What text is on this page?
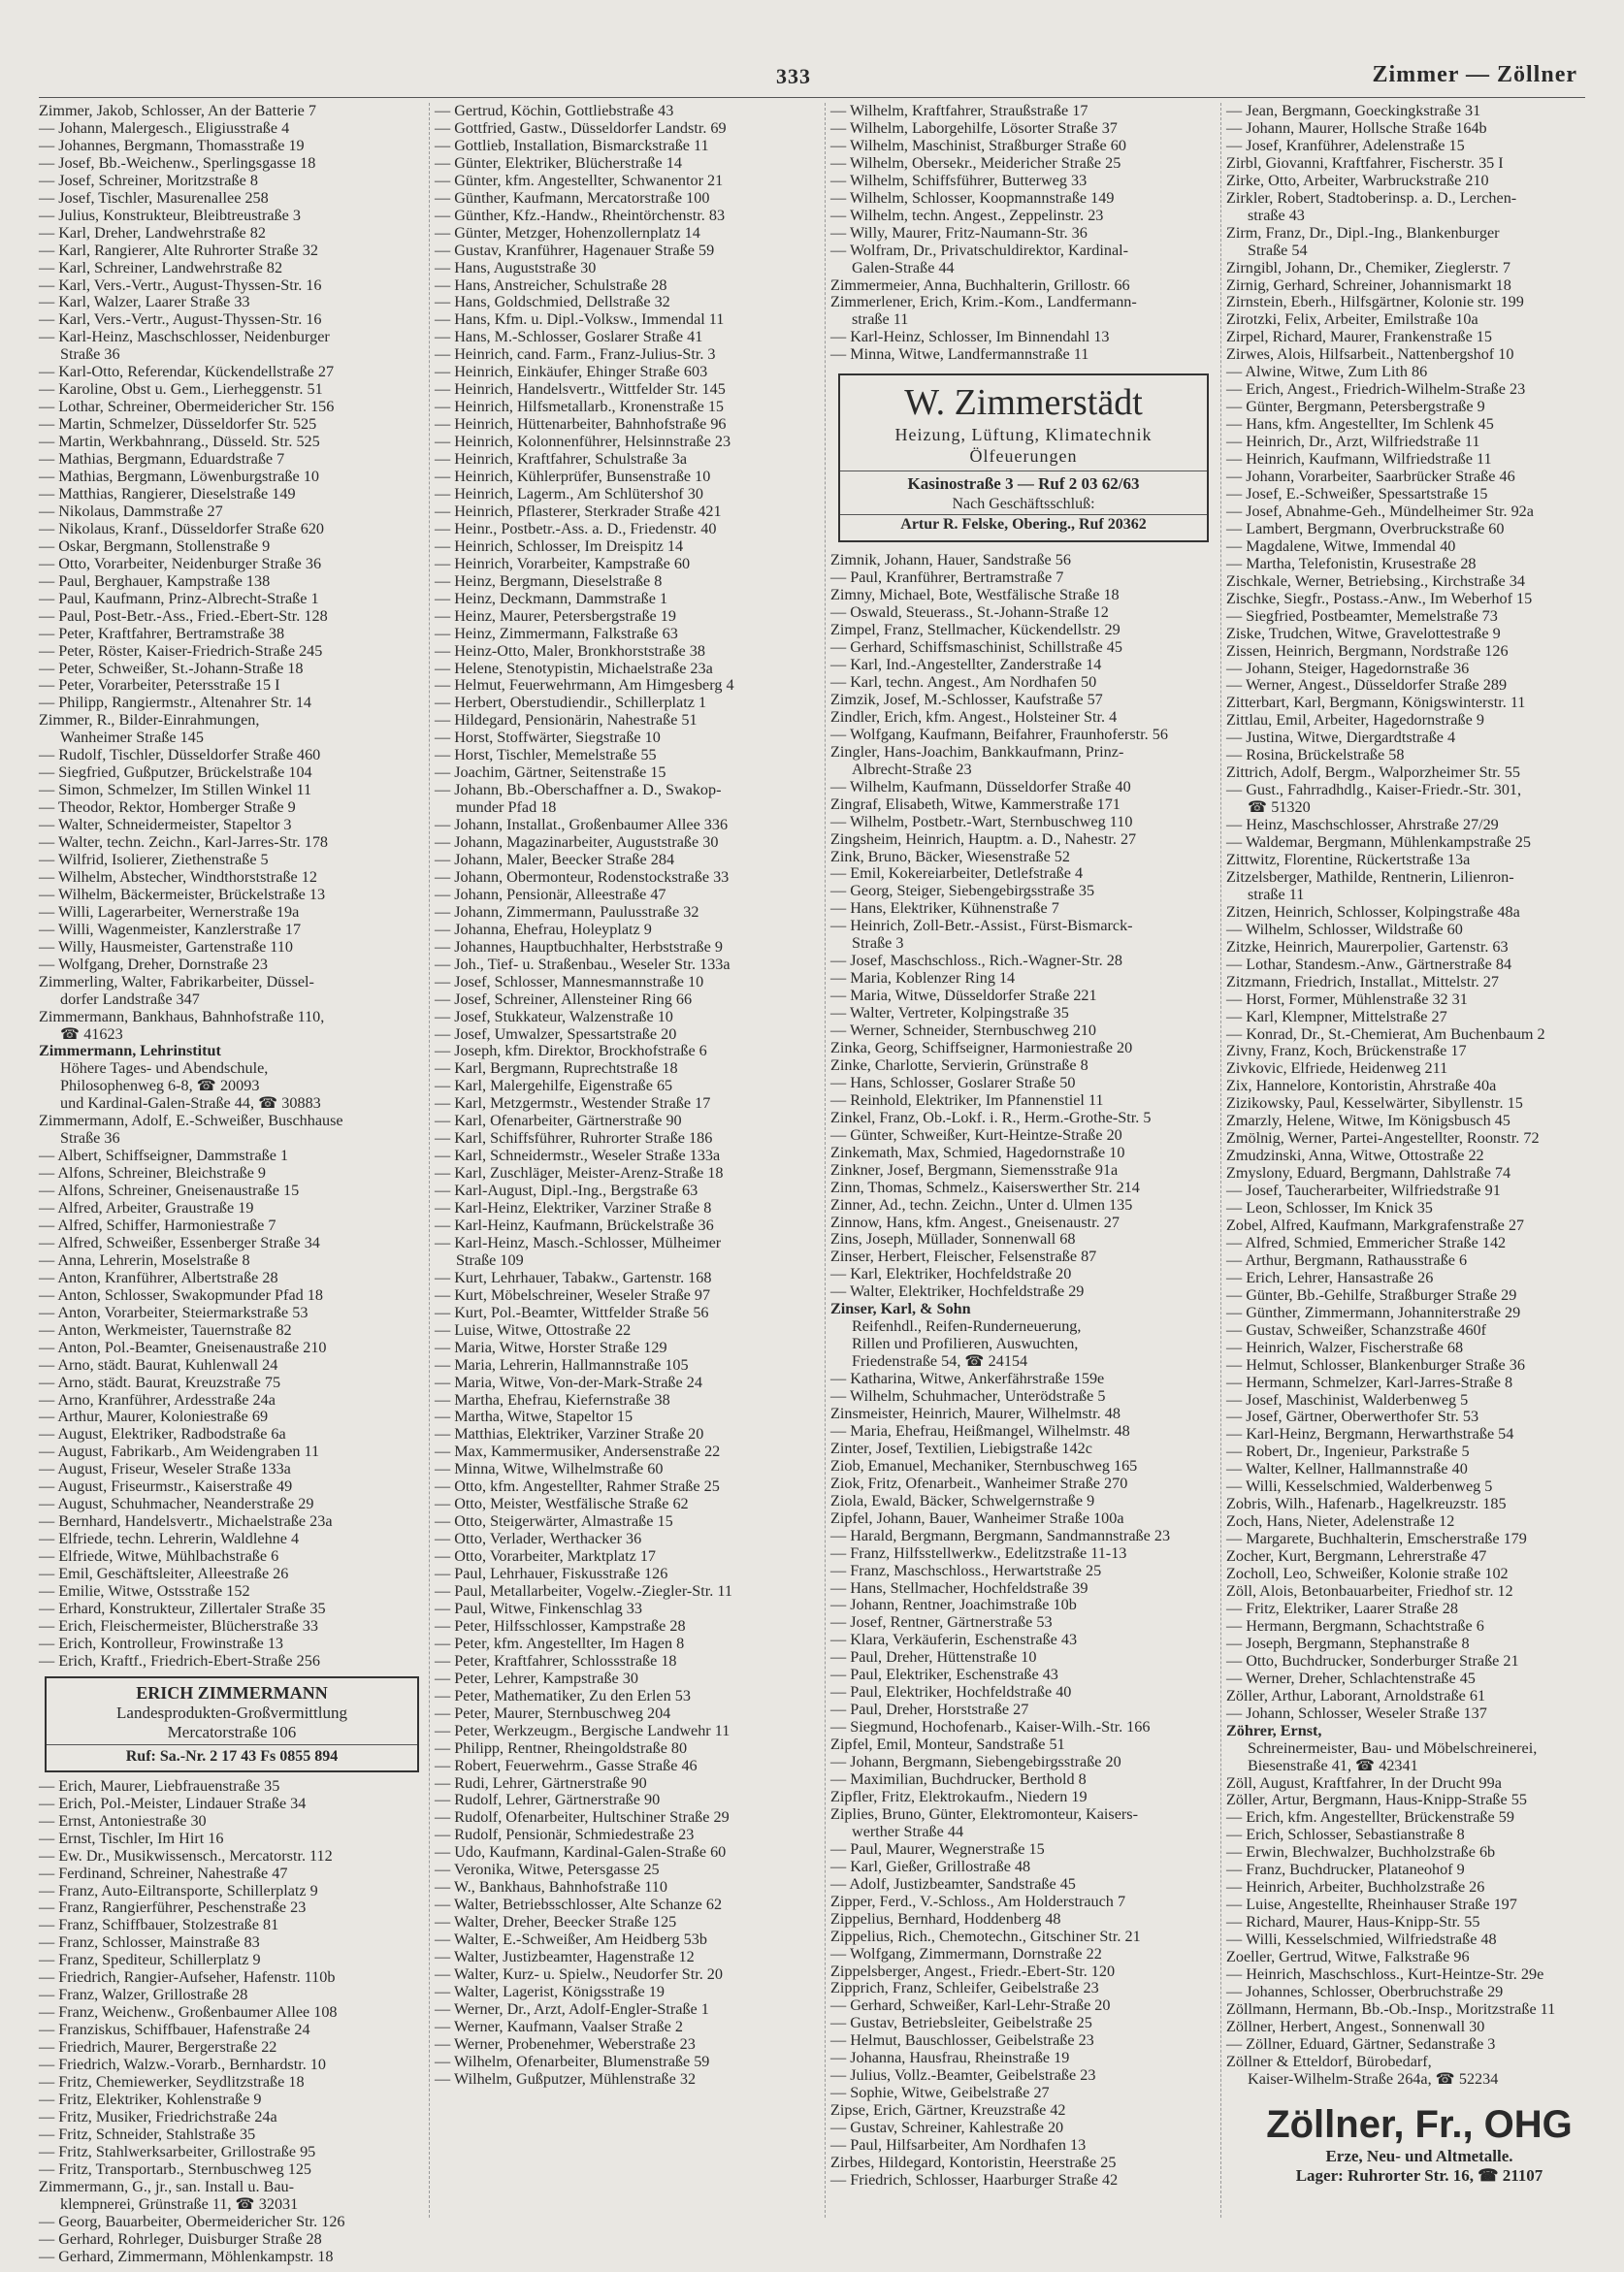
333	Zimmer — Zöllner
Zimmer, Jakob, Schlosser, An der Batterie 7
— Johann, Malergesch., Eligiusstraße 4
— Johannes, Bergmann, Thomasstraße 19
— Josef, Bb.-Weichenw., Sperlingsgasse 18
— Josef, Schreiner, Moritzstraße 8
— Josef, Tischler, Masurenallee 258
— Julius, Konstrukteur, Bleibtreustraße 3
— Karl, Dreher, Landwehrstraße 82
— Karl, Rangierer, Alte Ruhrorter Straße 32
— Karl, Schreiner, Landwehrstraße 82
— Karl, Vers.-Vertr., August-Thyssen-Str. 16
— Karl, Walzer, Laarer Straße 33
— Karl, Vers.-Vertr., August-Thyssen-Str. 16
— Karl-Heinz, Maschschlosser, Neidenburger
Straße 36
— Karl-Otto, Referendar, Kückendellstraße 27
— Karoline, Obst u. Gem., Lierheggenstr. 51
— Lothar, Schreiner, Obermeidericher Str. 156
— Martin, Schmelzer, Düsseldorfer Str. 525
— Martin, Werkbahnrang., Düsseld. Str. 525
— Mathias, Bergmann, Eduardstraße 7
— Mathias, Bergmann, Löwenburgstraße 10
— Matthias, Rangierer, Dieselstraße 149
— Nikolaus, Dammstraße 27
— Nikolaus, Kranf., Düsseldorfer Straße 620
— Oskar, Bergmann, Stollenstraße 9
— Otto, Vorarbeiter, Neidenburger Straße 36
— Paul, Berghauer, Kampstraße 138
— Paul, Kaufmann, Prinz-Albrecht-Straße 1
— Paul, Post-Betr.-Ass., Fried.-Ebert-Str. 128
— Peter, Kraftfahrer, Bertramstraße 38
— Peter, Röster, Kaiser-Friedrich-Straße 245
— Peter, Schweißer, St.-Johann-Straße 18
— Peter, Vorarbeiter, Petersstraße 15 I
— Philipp, Rangiermstr., Altenahrer Str. 14
Zimmer, R., Bilder-Einrahmungen,
Wanheimer Straße 145
— Rudolf, Tischler, Düsseldorfer Straße 460
— Siegfried, Gußputzer, Brückelstraße 104
— Simon, Schmelzer, Im Stillen Winkel 11
— Theodor, Rektor, Homberger Straße 9
— Walter, Schneidermeister, Stapeltor 3
— Walter, techn. Zeichn., Karl-Jarres-Str. 178
— Wilfrid, Isolierer, Ziethenstraße 5
— Wilhelm, Abstecher, Windthorststraße 12
— Wilhelm, Bäckermeister, Brückelstraße 13
— Willi, Lagerarbeiter, Wernerstraße 19a
— Willi, Wagenmeister, Kanzlerstraße 17
— Willy, Hausmeister, Gartenstraße 110
— Wolfgang, Dreher, Dornstraße 23
Zimmerling, Walter, Fabrikarbeiter, Düssel-
dorfer Landstraße 347
Zimmermann, Bankhaus, Bahnhofstraße 110,
☎ 41623
Zimmermann, Lehrinstitut
Höhere Tages- und Abendschule,
Philosophenweg 6-8, ☎ 20093
und Kardinal-Galen-Straße 44, ☎ 30883
Zimmermann, Adolf, E.-Schweißer, Buschhause
Straße 36
— Albert, Schiffseigner, Dammstraße 1
— Alfons, Schreiner, Bleichstraße 9
— Alfons, Schreiner, Gneisenaustraße 15
— Alfred, Arbeiter, Graustraße 19
— Alfred, Schiffer, Harmoniestraße 7
— Alfred, Schweißer, Essenberger Straße 34
— Anna, Lehrerin, Moselstraße 8
— Anton, Kranführer, Albertstraße 28
— Anton, Schlosser, Swakopmunder Pfad 18
— Anton, Vorarbeiter, Steiermarkstraße 53
— Anton, Werkmeister, Tauernstraße 82
— Anton, Pol.-Beamter, Gneisenaustraße 210
— Arno, städt. Baurat, Kuhlenwall 24
— Arno, städt. Baurat, Kreuzstraße 75
— Arno, Kranführer, Ardesstraße 24a
— Arthur, Maurer, Koloniestraße 69
— August, Elektriker, Radbodstraße 6a
— August, Fabrikarb., Am Weidengraben 11
— August, Friseur, Weseler Straße 133a
— August, Friseurmstr., Kaiserstraße 49
— August, Schuhmacher, Neanderstraße 29
— Bernhard, Handelsvertr., Michaelstraße 23a
— Elfriede, techn. Lehrerin, Waldlehne 4
— Elfriede, Witwe, Mühlbachstraße 6
— Emil, Geschäftsleiter, Alleestraße 26
— Emilie, Witwe, Ostsstraße 152
— Erhard, Konstrukteur, Zillertaler Straße 35
— Erich, Fleischermeister, Blücherstraße 33
— Erich, Kontrolleur, Frowinstraße 13
— Erich, Kraftf., Friedrich-Ebert-Straße 256
ERICH ZIMMERMANN
Landesprodukten-Großvermittlung
Mercatorstraße 106
Ruf: Sa.-Nr. 2 17 43 Fs 0855 894
— Erich, Maurer, Liebfrauenstraße 35
— Erich, Pol.-Meister, Lindauer Straße 34
— Ernst, Antoniestraße 30
— Ernst, Tischler, Im Hirt 16
— Ew. Dr., Musikwissensch., Mercatorstr. 112
— Ferdinand, Schreiner, Nahestraße 47
— Franz, Auto-Eiltransporte, Schillerplatz 9
— Franz, Rangierführer, Peschenstraße 23
— Franz, Schiffbauer, Stolzestraße 81
— Franz, Schlosser, Mainstraße 83
— Franz, Spediteur, Schillerplatz 9
— Friedrich, Rangier-Aufseher, Hafenstr. 110b
— Franz, Walzer, Grillostraße 28
— Franz, Weichenw., Großenbaumer Allee 108
— Franziskus, Schiffbauer, Hafenstraße 24
— Friedrich, Maurer, Bergerstraße 22
— Friedrich, Walzw.-Vorarb., Bernhardstr. 10
— Fritz, Chemiewerker, Seydlitzstraße 18
— Fritz, Elektriker, Kohlenstraße 9
— Fritz, Musiker, Friedrichstraße 24a
— Fritz, Schneider, Stahlstraße 35
— Fritz, Stahlwerksarbeiter, Grillostraße 95
— Fritz, Transportarb., Sternbuschweg 125
Zimmermann, G., jr., san. Install u. Bau-
klempnerei, Grünstraße 11, ☎ 32031
— Georg, Bauarbeiter, Obermeidericher Str. 126
— Gerhard, Rohrleger, Duisburger Straße 28
— Gerhard, Zimmermann, Möhlenkampstr. 18
— Gertrud, Köchin, Gottliebstraße 43
— Gottfried, Gastw., Düsseldorfer Landstr. 69
— Gottlieb, Installation, Bismarckstraße 11
— Günter, Elektriker, Blücherstraße 14
— Günter, kfm. Angestellter, Schwanentor 21
— Günther, Kaufmann, Mercatorstraße 100
— Günther, Kfz.-Handw., Rheintörchenstr. 83
— Günter, Metzger, Hohenzollernplatz 14
— Gustav, Kranführer, Hagenauer Straße 59
— Hans, Auguststraße 30
— Hans, Anstreicher, Schulstraße 28
— Hans, Goldschmied, Dellstraße 32
— Hans, Kfm. u. Dipl.-Volksw., Immendal 11
— Hans, M.-Schlosser, Goslarer Straße 41
— Heinrich, cand. Farm., Franz-Julius-Str. 3
— Heinrich, Einkäufer, Ehinger Straße 603
— Heinrich, Handelsvertr., Wittfelder Str. 145
— Heinrich, Hilfsmetallarb., Kronenstraße 15
— Heinrich, Hüttenarbeiter, Bahnhofstraße 96
— Heinrich, Kolonnenführer, Helsinnstraße 23
— Heinrich, Kraftfahrer, Schulstraße 3a
— Heinrich, Kühlerprüfer, Bunsenstraße 10
— Heinrich, Lagerm., Am Schlütershof 30
— Heinrich, Pflasterer, Sterkrader Straße 421
— Heinr., Postbetr.-Ass. a. D., Friedenstr. 40
— Heinrich, Schlosser, Im Dreispitz 14
— Heinrich, Vorarbeiter, Kampstraße 60
— Heinz, Bergmann, Dieselstraße 8
— Heinz, Deckmann, Dammstraße 1
— Heinz, Maurer, Petersbergstraße 19
— Heinz, Zimmermann, Falkstraße 63
— Heinz-Otto, Maler, Bronkhorststraße 38
— Helene, Stenotypistin, Michaelstraße 23a
— Helmut, Feuerwehrmann, Am Himgesberg 4
— Herbert, Oberstudiendir., Schillerplatz 1
— Hildegard, Pensionärin, Nahestraße 51
— Horst, Stoffwärter, Siegstraße 10
— Horst, Tischler, Memelstraße 55
— Joachim, Gärtner, Seitenstraße 15
— Johann, Bb.-Oberschaffner a. D., Swakop-
munder Pfad 18
— Johann, Installat., Großenbaumer Allee 336
— Johann, Magazinarbeiter, Auguststraße 30
— Johann, Maler, Beecker Straße 284
— Johann, Obermonteur, Rodenstockstraße 33
— Johann, Pensionär, Alleestraße 47
— Johann, Zimmermann, Paulusstraße 32
— Johanna, Ehefrau, Holeyplatz 9
— Johannes, Hauptbuchhalter, Herbststraße 9
— Joh., Tief- u. Straßenbau., Weseler Str. 133a
— Josef, Schlosser, Mannesmannstraße 10
— Josef, Schreiner, Allensteiner Ring 66
— Josef, Stukkateur, Walzenstraße 10
— Josef, Umwalzer, Spessartstraße 20
— Joseph, kfm. Direktor, Brockhofstraße 6
— Karl, Bergmann, Ruprechtstraße 18
— Karl, Malergehilfe, Eigenstraße 65
— Karl, Metzgermstr., Westender Straße 17
— Karl, Ofenarbeiter, Gärtnerstraße 90
— Karl, Schiffsführer, Ruhrorter Straße 186
— Karl, Schneidermstr., Weseler Straße 133a
— Karl, Zuschläger, Meister-Arenz-Straße 18
— Karl-August, Dipl.-Ing., Bergstraße 63
— Karl-Heinz, Elektriker, Varziner Straße 8
— Karl-Heinz, Kaufmann, Brückelstraße 36
— Karl-Heinz, Masch.-Schlosser, Mülheimer
Straße 109
— Kurt, Lehrhauer, Tabakw., Gartenstr. 168
— Kurt, Möbelschreiner, Weseler Straße 97
— Kurt, Pol.-Beamter, Wittfelder Straße 56
— Luise, Witwe, Ottostraße 22
— Maria, Witwe, Horster Straße 129
— Maria, Lehrerin, Hallmannstraße 105
— Maria, Witwe, Von-der-Mark-Straße 24
— Martha, Ehefrau, Kiefernstraße 38
— Martha, Witwe, Stapeltor 15
— Matthias, Elektriker, Varziner Straße 20
— Max, Kammermusiker, Andersenstraße 22
— Minna, Witwe, Wilhelmstraße 60
— Otto, kfm. Angestellter, Rahmer Straße 25
— Otto, Meister, Westfälische Straße 62
— Otto, Steigerwärter, Almastraße 15
— Otto, Verlader, Werthacker 36
— Otto, Vorarbeiter, Marktplatz 17
— Paul, Lehrhauer, Fiskusstraße 126
— Paul, Metallarbeiter, Vogelw.-Ziegler-Str. 11
— Paul, Witwe, Finkenschlag 33
— Peter, Hilfsschlosser, Kampstraße 28
— Peter, kfm. Angestellter, Im Hagen 8
— Peter, Kraftfahrer, Schlossstraße 18
— Peter, Lehrer, Kampstraße 30
— Peter, Mathematiker, Zu den Erlen 53
— Peter, Maurer, Sternbuschweg 204
— Peter, Werkzeugm., Bergische Landwehr 11
— Philipp, Rentner, Rheingoldstraße 80
— Robert, Feuerwehrm., Gasse Straße 46
— Rudi, Lehrer, Gärtnerstraße 90
— Rudolf, Lehrer, Gärtnerstraße 90
— Rudolf, Ofenarbeiter, Hultschiner Straße 29
— Rudolf, Pensionär, Schmiedestraße 23
— Udo, Kaufmann, Kardinal-Galen-Straße 60
— Veronika, Witwe, Petersgasse 25
— W., Bankhaus, Bahnhofstraße 110
— Walter, Betriebsschlosser, Alte Schanze 62
— Walter, Dreher, Beecker Straße 125
— Walter, E.-Schweißer, Am Heidberg 53b
— Walter, Justizbeamter, Hagenstraße 12
— Walter, Kurz- u. Spielw., Neudorfer Str. 20
— Walter, Lagerist, Königsstraße 19
— Werner, Dr., Arzt, Adolf-Engler-Straße 1
— Werner, Kaufmann, Vaalser Straße 2
— Werner, Probenehmer, Weberstraße 23
— Wilhelm, Ofenarbeiter, Blumenstraße 59
— Wilhelm, Gußputzer, Mühlenstraße 32
— Wilhelm, Kraftfahrer, Straußstraße 17
— Wilhelm, Laborgehilfe, Lösorter Straße 37
— Wilhelm, Maschinist, Straßburger Straße 60
— Wilhelm, Obersekr., Meidericher Straße 25
— Wilhelm, Schiffsführer, Butterweg 33
— Wilhelm, Schlosser, Koopmannstraße 149
— Wilhelm, techn. Angest., Zeppelinstr. 23
— Willy, Maurer, Fritz-Naumann-Str. 36
— Wolfram, Dr., Privatschuldirektor, Kardinal-
Galen-Straße 44
Zimmermeier, Anna, Buchhalterin, Grillostr. 66
Zimmerlener, Erich, Krim.-Kom., Landfermann-
straße 11
— Karl-Heinz, Schlosser, Im Binnendahl 13
— Minna, Witwe, Landfermannstraße 11
W. Zimmerstädt
Heizung, Lüftung, Klimatechnik
Ölfeuerungen
Kasinostraße 3 — Ruf 2 03 62/63
Nach Geschäftsschluß:
Artur R. Felske, Obering., Ruf 20362
Zimnik, Johann, Hauer, Sandstraße 56
— Paul, Kranführer, Bertramstraße 7
Zimny, Michael, Bote, Westfälische Straße 18
— Oswald, Steuerass., St.-Johann-Straße 12
Zimpel, Franz, Stellmacher, Kückendellstr. 29
— Gerhard, Schiffsmaschinist, Schillstraße 45
— Karl, Ind.-Angestellter, Zanderstraße 14
— Karl, techn. Angest., Am Nordhafen 50
Zimzik, Josef, M.-Schlosser, Kaufstraße 57
Zindler, Erich, kfm. Angest., Holsteiner Str. 4
— Wolfgang, Kaufmann, Beifahrer, Fraunhoferstr. 56
Zingler, Hans-Joachim, Bankkaufmann, Prinz-
Albrecht-Straße 23
— Wilhelm, Kaufmann, Düsseldorfer Straße 40
Zingraf, Elisabeth, Witwe, Kammerstraße 171
— Wilhelm, Postbetr.-Wart, Sternbuschweg 110
Zingsheim, Heinrich, Hauptm. a. D., Nahestr. 27
Zink, Bruno, Bäcker, Wiesenstraße 52
— Emil, Kokereiarbeiter, Detlefstraße 4
— Georg, Steiger, Siebengebirgsstraße 35
— Hans, Elektriker, Kühnenstraße 7
— Heinrich, Zoll-Betr.-Assist., Fürst-Bismarck-
Straße 3
— Josef, Maschschloss., Rich.-Wagner-Str. 28
— Maria, Koblenzer Ring 14
— Maria, Witwe, Düsseldorfer Straße 221
— Walter, Vertreter, Kolpingstraße 35
— Werner, Schneider, Sternbuschweg 210
Zinka, Georg, Schiffseigner, Harmoniestraße 20
Zinke, Charlotte, Servierin, Grünstraße 8
— Hans, Schlosser, Goslarer Straße 50
— Reinhold, Elektriker, Im Pfannenstiel 11
Zinkel, Franz, Ob.-Lokf. i. R., Herm.-Grothe-Str. 5
— Günter, Schweißer, Kurt-Heintze-Straße 20
Zinkemath, Max, Schmied, Hagedornstraße 10
Zinkner, Josef, Bergmann, Siemensstraße 91a
Zinn, Thomas, Schmelz., Kaiserswerther Str. 214
Zinner, Ad., techn. Zeichn., Unter d. Ulmen 135
Zinnow, Hans, kfm. Angest., Gneisenaustr. 27
Zins, Joseph, Müllader, Sonnenwall 68
Zinser, Herbert, Fleischer, Felsenstraße 87
— Karl, Elektriker, Hochfeldstraße 20
— Walter, Elektriker, Hochfeldstraße 29
Zinser, Karl, & Sohn
Reifenhdl., Reifen-Runderneuerung,
Rillen und Profilieren, Auswuchten,
Friedenstraße 54, ☎ 24154
— Katharina, Witwe, Ankerfährstraße 159e
— Wilhelm, Schuhmacher, Unterödstraße 5
Zinsmeister, Heinrich, Maurer, Wilhelmstr. 48
— Maria, Ehefrau, Heißmangel, Wilhelmstr. 48
Zinter, Josef, Textilien, Liebigstraße 142c
Ziob, Emanuel, Mechaniker, Sternbuschweg 165
Ziok, Fritz, Ofenarbeit., Wanheimer Straße 270
Ziola, Ewald, Bäcker, Schwelgernstraße 9
Zipfel, Johann, Bauer, Wanheimer Straße 100a
— Harald, Bergmann, Bergmann, Sandmannstraße 23
— Franz, Hilfsstellwerkw., Edelitzstraße 11-13
— Franz, Maschschloss., Herwartstraße 25
— Hans, Stellmacher, Hochfeldstraße 39
— Johann, Rentner, Joachimstraße 10b
— Josef, Rentner, Gärtnerstraße 53
— Klara, Verkäuferin, Eschenstraße 43
— Paul, Dreher, Hüttenstraße 10
— Paul, Elektriker, Eschenstraße 43
— Paul, Elektriker, Hochfeldstraße 40
— Paul, Dreher, Horststraße 27
— Siegmund, Hochofenarb., Kaiser-Wilh.-Str. 166
Zipfel, Emil, Monteur, Sandstraße 51
— Johann, Bergmann, Siebengebirgsstraße 20
— Maximilian, Buchdrucker, Berthold 8
Zipfler, Fritz, Elektrokaufm., Niedern 19
Ziplies, Bruno, Günter, Elektromonteur, Kaisers-
werther Straße 44
— Paul, Maurer, Wegnerstraße 15
— Karl, Gießer, Grillostraße 48
— Adolf, Justizbeamter, Sandstraße 45
Zipper, Ferd., V.-Schloss., Am Holderstrauch 7
Zippelius, Bernhard, Hoddenberg 48
Zippelius, Rich., Chemotechn., Gitschiner Str. 21
— Wolfgang, Zimmermann, Dornstraße 22
Zippelsberger, Angest., Friedr.-Ebert-Str. 120
Zipprich, Franz, Schleifer, Geibelstraße 23
— Gerhard, Schweißer, Karl-Lehr-Straße 20
— Gustav, Betriebsleiter, Geibelstraße 25
— Helmut, Bauschlosser, Geibelstraße 23
— Johanna, Hausfrau, Rheinstraße 19
— Julius, Vollz.-Beamter, Geibelstraße 23
— Sophie, Witwe, Geibelstraße 27
Zipse, Erich, Gärtner, Kreuzstraße 42
— Gustav, Schreiner, Kahlestraße 20
— Paul, Hilfsarbeiter, Am Nordhafen 13
Zirbes, Hildegard, Kontoristin, Heerstraße 25
— Friedrich, Schlosser, Haarburger Straße 42
— Jean, Bergmann, Goeckingkstraße 31
— Johann, Maurer, Hollsche Straße 164b
— Josef, Kranführer, Adelenstraße 15
Zirbl, Giovanni, Kraftfahrer, Fischerstr. 35 I
Zirke, Otto, Arbeiter, Warbruckstraße 210
Zirkler, Robert, Stadtoberinsp. a. D., Lerchen-
straße 43
Zirm, Franz, Dr., Dipl.-Ing., Blankenburger
Straße 54
Zirngibl, Johann, Dr., Chemiker, Zieglerstr. 7
Zirnig, Gerhard, Schreiner, Johannismarkt 18
Zirnstein, Eberh., Hilfsgärtner, Kolonie str. 199
Zirotzki, Felix, Arbeiter, Emilstraße 10a
Zirpel, Richard, Maurer, Frankenstraße 15
Zirwes, Alois, Hilfsarbeit., Nattenbergshof 10
— Alwine, Witwe, Zum Lith 86
— Erich, Angest., Friedrich-Wilhelm-Straße 23
— Günter, Bergmann, Petersbergstraße 9
— Hans, kfm. Angestellter, Im Schlenk 45
— Heinrich, Dr., Arzt, Wilfriedstraße 11
— Heinrich, Kaufmann, Wilfriedstraße 11
— Johann, Vorarbeiter, Saarbrücker Straße 46
— Josef, E.-Schweißer, Spessartstraße 15
— Josef, Abnahme-Geh., Mündelheimer Str. 92a
— Lambert, Bergmann, Overbruckstraße 60
— Magdalene, Witwe, Immendal 40
— Martha, Telefonistin, Krusestraße 28
Zischkale, Werner, Betriebsing., Kirchstraße 34
Zischke, Siegfr., Postass.-Anw., Im Weberhof 15
— Siegfried, Postbeamter, Memelstraße 73
Ziske, Trudchen, Witwe, Gravelottestraße 9
Zissen, Heinrich, Bergmann, Nordstraße 126
— Johann, Steiger, Hagedornstraße 36
— Werner, Angest., Düsseldorfer Straße 289
Zitterbart, Karl, Bergmann, Königswinterstr. 11
Zittlau, Emil, Arbeiter, Hagedornstraße 9
— Justina, Witwe, Diergardtstraße 4
— Rosina, Brückelstraße 58
Zittrich, Adolf, Bergm., Walporzheimer Str. 55
— Gust., Fahrradhdlg., Kaiser-Friedr.-Str. 301,
☎ 51320
— Heinz, Maschschlosser, Ahrstraße 27/29
— Waldemar, Bergmann, Mühlenkampstraße 25
Zittwitz, Florentine, Rückertstraße 13a
Zitzelsberger, Mathilde, Rentnerin, Lilienron-
straße 11
Zitzen, Heinrich, Schlosser, Kolpingstraße 48a
— Wilhelm, Schlosser, Wildstraße 60
Zitzke, Heinrich, Maurerpolier, Gartenstr. 63
— Lothar, Standesm.-Anw., Gärtnerstraße 84
Zitzmann, Friedrich, Installat., Mittelstr. 27
— Horst, Former, Mühlenstraße 32 31
— Karl, Klempner, Mittelstraße 27
— Konrad, Dr., St.-Chemierat, Am Buchenbaum 2
Zivny, Franz, Koch, Brückenstraße 17
Zivkovic, Elfriede, Heidenweg 211
Zix, Hannelore, Kontoristin, Ahrstraße 40a
Zizikowsky, Paul, Kesselwärter, Sibyllenstr. 15
Zmarzly, Helene, Witwe, Im Königsbusch 45
Zmölnig, Werner, Partei-Angestellter, Roonstr. 72
Zmudzinski, Anna, Witwe, Ottostraße 22
Zmyslony, Eduard, Bergmann, Dahlstraße 74
— Josef, Taucherarbeiter, Wilfriedstraße 91
— Leon, Schlosser, Im Knick 35
Zobel, Alfred, Kaufmann, Markgrafenstraße 27
— Alfred, Schmied, Emmericher Straße 142
— Arthur, Bergmann, Rathausstraße 6
— Erich, Lehrer, Hansastraße 26
— Günter, Bb.-Gehilfe, Straßburger Straße 29
— Günther, Zimmermann, Johanniterstraße 29
— Gustav, Schweißer, Schanzstraße 460f
— Heinrich, Walzer, Fischerstraße 68
— Helmut, Schlosser, Blankenburger Straße 36
— Hermann, Schmelzer, Karl-Jarres-Straße 8
— Josef, Maschinist, Walderbenweg 5
— Josef, Gärtner, Oberwerthofer Str. 53
— Karl-Heinz, Bergmann, Herwarthstraße 54
— Robert, Dr., Ingenieur, Parkstraße 5
— Walter, Kellner, Hallmannstraße 40
— Willi, Kesselschmied, Walderbenweg 5
Zobris, Wilh., Hafenarb., Hagelkreuzstr. 185
Zoch, Hans, Nieter, Adelenstraße 12
— Margarete, Buchhalterin, Emscherstraße 179
Zocher, Kurt, Bergmann, Lehrerstraße 47
Zocholl, Leo, Schweißer, Kolonie straße 102
Zöll, Alois, Betonbauarbeiter, Friedhof str. 12
— Fritz, Elektriker, Laarer Straße 28
— Hermann, Bergmann, Schachtstraße 6
— Joseph, Bergmann, Stephanstraße 8
— Otto, Buchdrucker, Sonderburger Straße 21
— Werner, Dreher, Schlachtenstraße 45
Zöller, Arthur, Laborant, Arnoldstraße 61
— Johann, Schlosser, Weseler Straße 137
Zöhrer, Ernst,
Schreinermeister, Bau- und Möbelschreinerei,
Biesenstraße 41, ☎ 42341
Zöll, August, Kraftfahrer, In der Drucht 99a
Zöller, Artur, Bergmann, Haus-Knipp-Straße 55
— Erich, kfm. Angestellter, Brückenstraße 59
— Erich, Schlosser, Sebastianstraße 8
— Erwin, Blechwalzer, Buchholzstraße 6b
— Franz, Buchdrucker, Plataneohof 9
— Heinrich, Arbeiter, Buchholzstraße 26
— Luise, Angestellte, Rheinhauser Straße 197
— Richard, Maurer, Haus-Knipp-Str. 55
— Willi, Kesselschmied, Wilfriedstraße 48
Zoeller, Gertrud, Witwe, Falkstraße 96
— Heinrich, Maschschloss., Kurt-Heintze-Str. 29e
— Johannes, Schlosser, Oberbruchstraße 29
Zöllmann, Hermann, Bb.-Ob.-Insp., Moritzstraße 11
Zöllner, Herbert, Angest., Sonnenwall 30
— Zöllner, Eduard, Gärtner, Sedanstraße 3
Zöllner & Etteldorf, Bürobedarf,
Kaiser-Wilhelm-Straße 264a, ☎ 52234
Zöllner, Fr., OHG
Erze, Neu- und Altmetalle.
Lager: Ruhrorter Str. 16, ☎ 21107
